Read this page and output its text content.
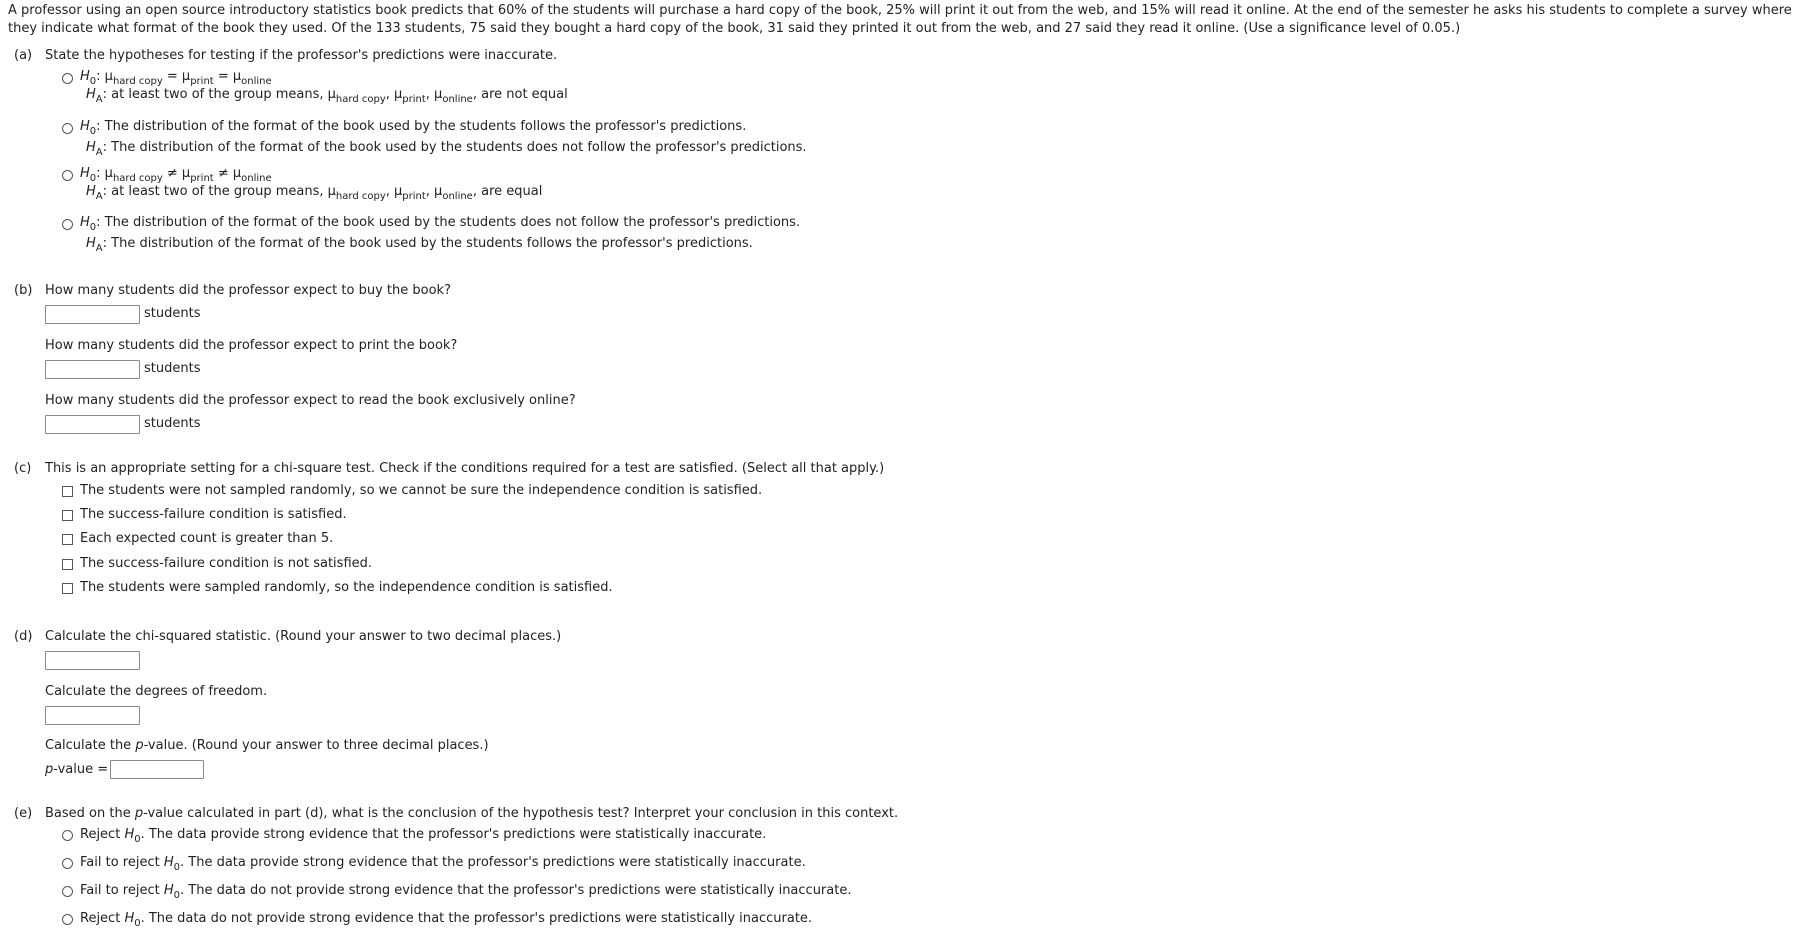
A professor using an open source introductory statistics book predicts that 60% of the students will purchase a hard copy of the book, 25% will print it out from the web, and 15% will read it online. At the end of the semester he asks his students to complete a survey where they indicate what format of the book they used. Of the 133 students, 75 said they bought a hard copy of the book, 31 said they printed it out from the web, and 27 said they read it online. (Use a significance level of 0.05.)
(a) State the hypotheses for testing if the professor's predictions were inaccurate.
$H_0$: $\mu_{hard copy} = \mu_{print} = \mu_{online}$
$H_A$: at least two of the group means, $\mu_{hard copy}$, $\mu_{print}$, $\mu_{online}$, are not equal
$H_0$: The distribution of the format of the book used by the students follows the professor's predictions.
$H_A$: The distribution of the format of the book used by the students does not follow the professor's predictions.
$H_0$: $\mu_{hard copy} \ne \mu_{print} \ne \mu_{online}$
$H_A$: at least two of the group means, $\mu_{hard copy}$, $\mu_{print}$, $\mu_{online}$, are equal
$H_0$: The distribution of the format of the book used by the students does not follow the professor's predictions.
$H_A$: The distribution of the format of the book used by the students follows the professor's predictions.
(b) How many students did the professor expect to buy the book?
students
How many students did the professor expect to print the book?
students
How many students did the professor expect to read the book exclusively online?
students
(c) This is an appropriate setting for a chi-square test. Check if the conditions required for a test are satisfied. (Select all that apply.)
The students were not sampled randomly, so we cannot be sure the independence condition is satisfied.
The success-failure condition is satisfied.
Each expected count is greater than 5.
The success-failure condition is not satisfied.
The students were sampled randomly, so the independence condition is satisfied.
(d) Calculate the chi-squared statistic. (Round your answer to two decimal places.)
Calculate the degrees of freedom.
Calculate the p-value. (Round your answer to three decimal places.)
p-value =
(e) Based on the p-value calculated in part (d), what is the conclusion of the hypothesis test? Interpret your conclusion in this context.
Reject $H_0$. The data provide strong evidence that the professor's predictions were statistically inaccurate.
Fail to reject $H_0$. The data provide strong evidence that the professor's predictions were statistically inaccurate.
Fail to reject $H_0$. The data do not provide strong evidence that the professor's predictions were statistically inaccurate.
Reject $H_0$. The data do not provide strong evidence that the professor's predictions were statistically inaccurate.
